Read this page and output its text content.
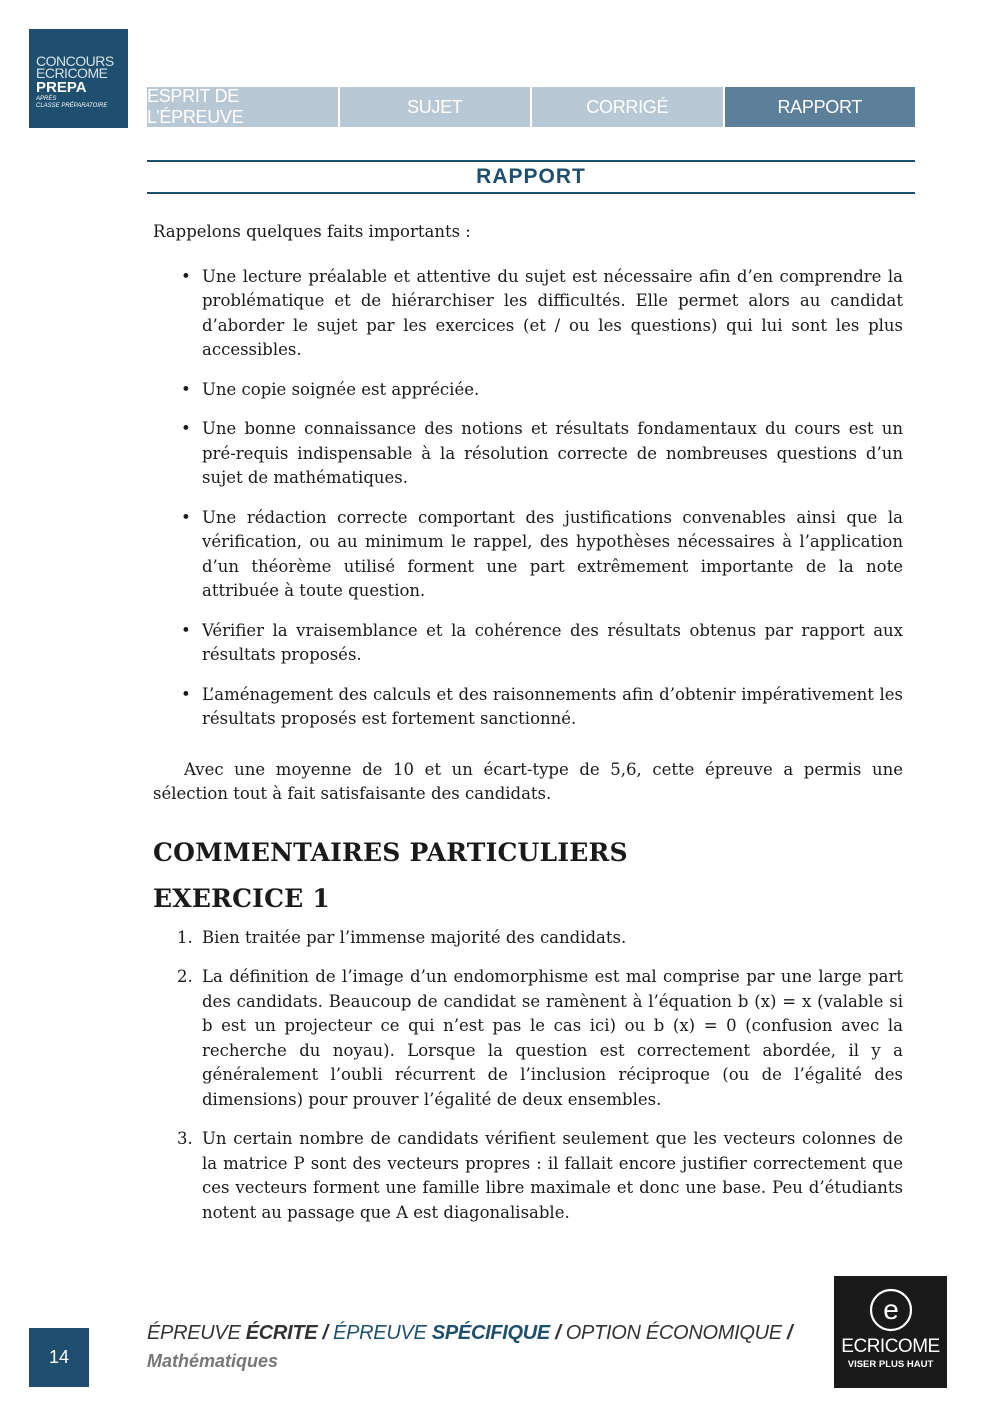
CONCOURS
ECRICOME
PREPA
APRÈS
CLASSE PRÉPARATOIRE	ESPRIT DE L’ÉPREUVE
SUJET	CORRIGÉ	RAPPORT
RAPPORT

Rappelons quelques faits importants :

• Une lecture préalable et attentive du sujet est nécessaire afin d’en comprendre la problématique et de hiérarchiser les difficultés. Elle permet alors au candidat d’aborder le sujet par les exercices (et / ou les questions) qui lui sont les plus accessibles.
• Une copie soignée est appréciée.
• Une bonne connaissance des notions et résultats fondamentaux du cours est un pré-requis indispensable à la résolution correcte de nombreuses questions d’un sujet de mathématiques.
• Une rédaction correcte comportant des justifications convenables ainsi que la vérification, ou au minimum le rappel, des hypothèses nécessaires à l’application d’un théorème utilisé forment une part extrêmement importante de la note attribuée à toute question.
• Vérifier la vraisemblance et la cohérence des résultats obtenus par rapport aux résultats proposés.
• L’aménagement des calculs et des raisonnements afin d’obtenir impérativement les résultats proposés est fortement sanctionné.

Avec une moyenne de 10 et un écart-type de 5,6, cette épreuve a permis une sélection tout à fait satisfaisante des candidats.

COMMENTAIRES PARTICULIERS
EXERCICE 1
1. Bien traitée par l’immense majorité des candidats.
2. La définition de l’image d’un endomorphisme est mal comprise par une large part des candidats. Beaucoup de candidat se ramènent à l’équation b (x) = x (valable si b est un projecteur ce qui n’est pas le cas ici) ou b (x) = 0 (confusion avec la recherche du noyau). Lorsque la question est correctement abordée, il y a généralement l’oubli récurrent de l’inclusion réciproque (ou de l’égalité des dimensions) pour prouver l’égalité de deux ensembles.
3. Un certain nombre de candidats vérifient seulement que les vecteurs colonnes de la matrice P sont des vecteurs propres : il fallait encore justifier correctement que ces vecteurs forment une famille libre maximale et donc une base. Peu d’étudiants notent au passage que A est diagonalisable.
14
ÉPREUVE ÉCRITE / ÉPREUVE SPÉCIFIQUE / OPTION ÉCONOMIQUE /
Mathématiques
e
ECRICOME
VISER PLUS HAUT
